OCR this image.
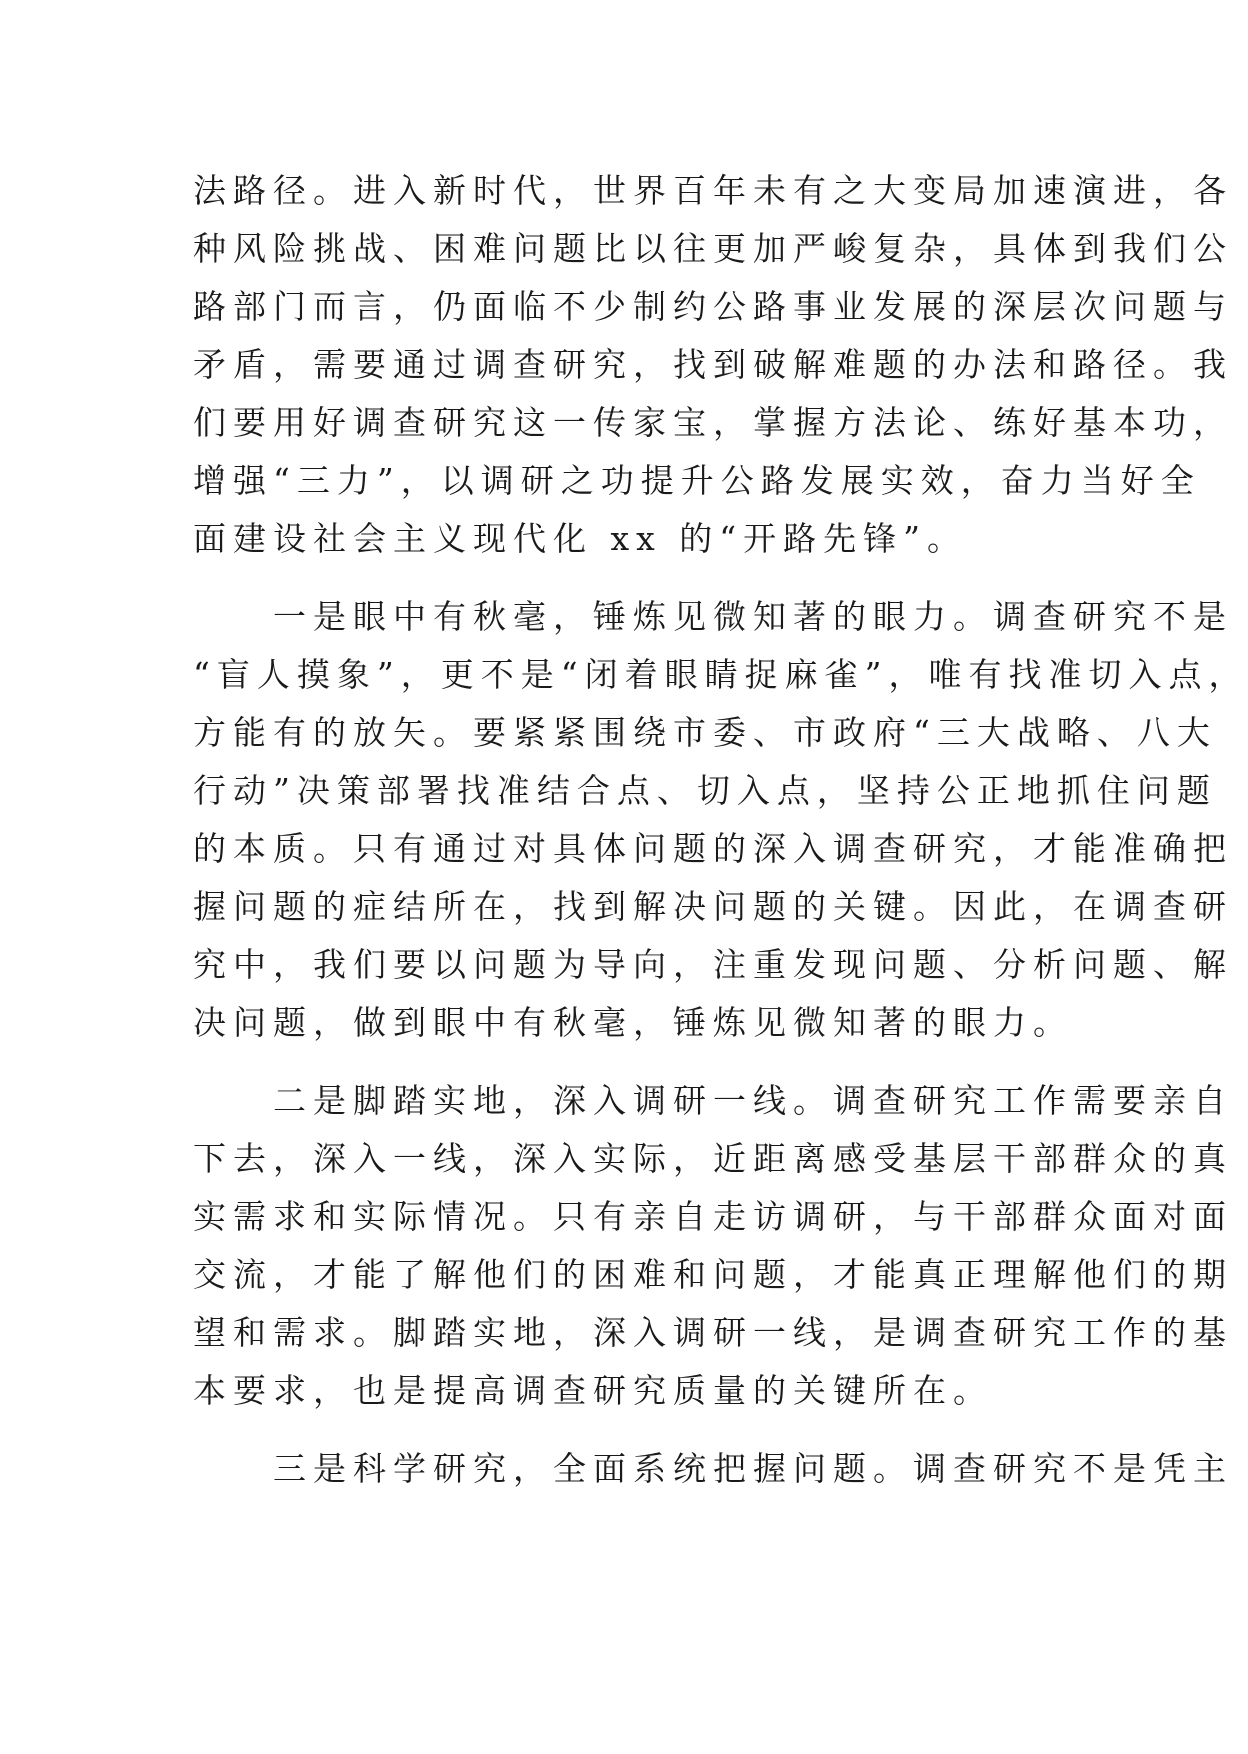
法路径。进入新时代，世界百年未有之大变局加速演进，各
种风险挑战、困难问题比以往更加严峻复杂，具体到我们公
路部门而言，仍面临不少制约公路事业发展的深层次问题与
矛盾，需要通过调查研究，找到破解难题的办法和路径。我
们要用好调查研究这一传家宝，掌握方法论、练好基本功，
增强“三力”，以调研之功提升公路发展实效，奋力当好全
面建设社会主义现代化 xx 的“开路先锋”。
　　一是眼中有秋毫，锤炼见微知著的眼力。调查研究不是
“盲人摸象”，更不是“闭着眼睛捉麻雀”，唯有找准切入点，
方能有的放矢。要紧紧围绕市委、市政府“三大战略、八大
行动”决策部署找准结合点、切入点，坚持公正地抓住问题
的本质。只有通过对具体问题的深入调查研究，才能准确把
握问题的症结所在，找到解决问题的关键。因此，在调查研
究中，我们要以问题为导向，注重发现问题、分析问题、解
决问题，做到眼中有秋毫，锤炼见微知著的眼力。
　　二是脚踏实地，深入调研一线。调查研究工作需要亲自
下去，深入一线，深入实际，近距离感受基层干部群众的真
实需求和实际情况。只有亲自走访调研，与干部群众面对面
交流，才能了解他们的困难和问题，才能真正理解他们的期
望和需求。脚踏实地，深入调研一线，是调查研究工作的基
本要求，也是提高调查研究质量的关键所在。
　　三是科学研究，全面系统把握问题。调查研究不是凭主
